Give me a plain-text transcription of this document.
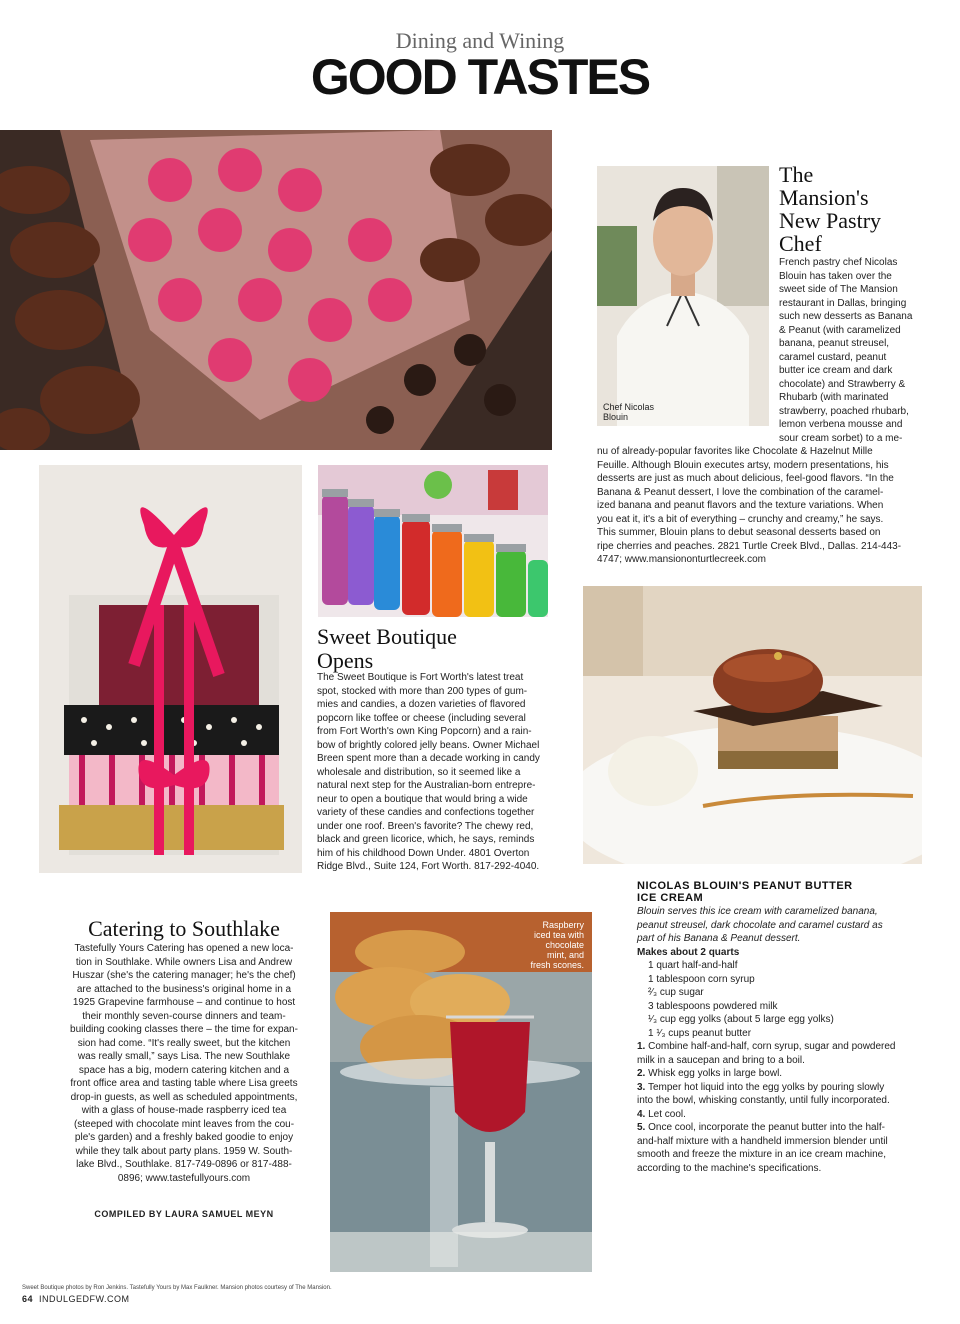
Dining and Wining
GOOD TASTES
Chef Nicolas Blouin
The
Mansion's
New Pastry
Chef
French pastry chef Nicolas
Blouin has taken over the
sweet side of The Mansion
restaurant in Dallas, bringing
such new desserts as Banana
& Peanut (with caramelized
banana, peanut streusel,
caramel custard, peanut
butter ice cream and dark
chocolate) and Strawberry &
Rhubarb (with marinated
strawberry, poached rhubarb,
lemon verbena mousse and
sour cream sorbet) to a me-
nu of already-popular favorites like Chocolate & Hazelnut Mille
Feuille. Although Blouin executes artsy, modern presentations, his
desserts are just as much about delicious, feel-good flavors. “In the
Banana & Peanut dessert, I love the combination of the caramel-
ized banana and peanut flavors and the texture variations. When
you eat it, it's a bit of everything – crunchy and creamy,” he says.
This summer, Blouin plans to debut seasonal desserts based on
ripe cherries and peaches. 2821 Turtle Creek Blvd., Dallas. 214-443-
4747; www.mansiononturtlecreek.com
Sweet Boutique
Opens
The Sweet Boutique is Fort Worth's latest treat
spot, stocked with more than 200 types of gum-
mies and candies, a dozen varieties of flavored
popcorn like toffee or cheese (including several
from Fort Worth's own King Popcorn) and a rain-
bow of brightly colored jelly beans. Owner Michael
Breen spent more than a decade working in candy
wholesale and distribution, so it seemed like a
natural next step for the Australian-born entrepre-
neur to open a boutique that would bring a wide
variety of these candies and confections together
under one roof. Breen's favorite? The chewy red,
black and green licorice, which, he says, reminds
him of his childhood Down Under. 4801 Overton
Ridge Blvd., Suite 124, Fort Worth. 817-292-4040.
NICOLAS BLOUIN'S PEANUT BUTTER
ICE CREAM
Blouin serves this ice cream with caramelized banana,
peanut streusel, dark chocolate and caramel custard as
part of his Banana & Peanut dessert.
Makes about 2 quarts
1 quart half-and-half
1 tablespoon corn syrup
²⁄₃ cup sugar
3 tablespoons powdered milk
¹⁄₃ cup egg yolks (about 5 large egg yolks)
1 ¹⁄₃ cups peanut butter
1. Combine half-and-half, corn syrup, sugar and powdered
milk in a saucepan and bring to a boil.
2. Whisk egg yolks in large bowl.
3. Temper hot liquid into the egg yolks by pouring slowly
into the bowl, whisking constantly, until fully incorporated.
4. Let cool.
5. Once cool, incorporate the peanut butter into the half-
and-half mixture with a handheld immersion blender until
smooth and freeze the mixture in an ice cream machine,
according to the machine's specifications.
Catering to Southlake
Tastefully Yours Catering has opened a new loca-
tion in Southlake. While owners Lisa and Andrew
Huszar (she's the catering manager; he's the chef)
are attached to the business's original home in a
1925 Grapevine farmhouse – and continue to host
their monthly seven-course dinners and team-
building cooking classes there – the time for expan-
sion had come. “It's really sweet, but the kitchen
was really small,” says Lisa. The new Southlake
space has a big, modern catering kitchen and a
front office area and tasting table where Lisa greets
drop-in guests, as well as scheduled appointments,
with a glass of house-made raspberry iced tea
(steeped with chocolate mint leaves from the cou-
ple's garden) and a freshly baked goodie to enjoy
while they talk about party plans. 1959 W. South-
lake Blvd., Southlake. 817-749-0896 or 817-488-
0896; www.tastefullyours.com
COMPILED BY LAURA SAMUEL MEYN
Raspberry
iced tea with
chocolate
mint, and
fresh scones.
Sweet Boutique photos by Ron Jenkins. Tastefully Yours by Max Faulkner. Mansion photos courtesy of The Mansion.
64 INDULGEDFW.COM
